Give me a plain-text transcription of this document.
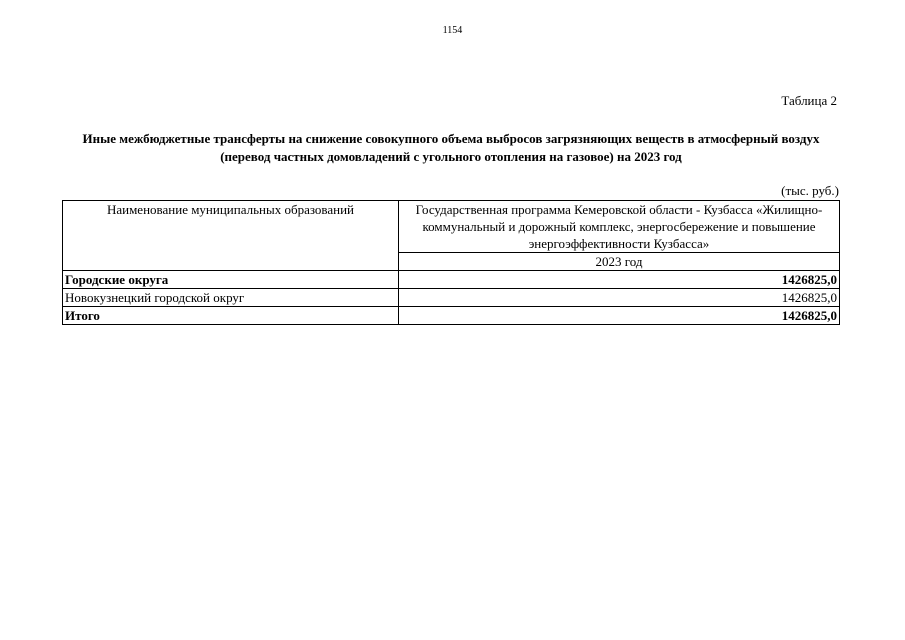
1154
Таблица 2
Иные межбюджетные трансферты на снижение совокупного объема выбросов загрязняющих веществ в атмосферный воздух (перевод частных домовладений с угольного отопления на газовое) на 2023 год
(тыс. руб.)
Наименование муниципальных образований	Государственная программа Кемеровской области - Кузбасса «Жилищно-коммунальный и дорожный комплекс, энергосбережение и повышение энергоэффективности Кузбасса»
	2023 год
Городские округа	1426825,0
Новокузнецкий городской округ	1426825,0
Итого	1426825,0
